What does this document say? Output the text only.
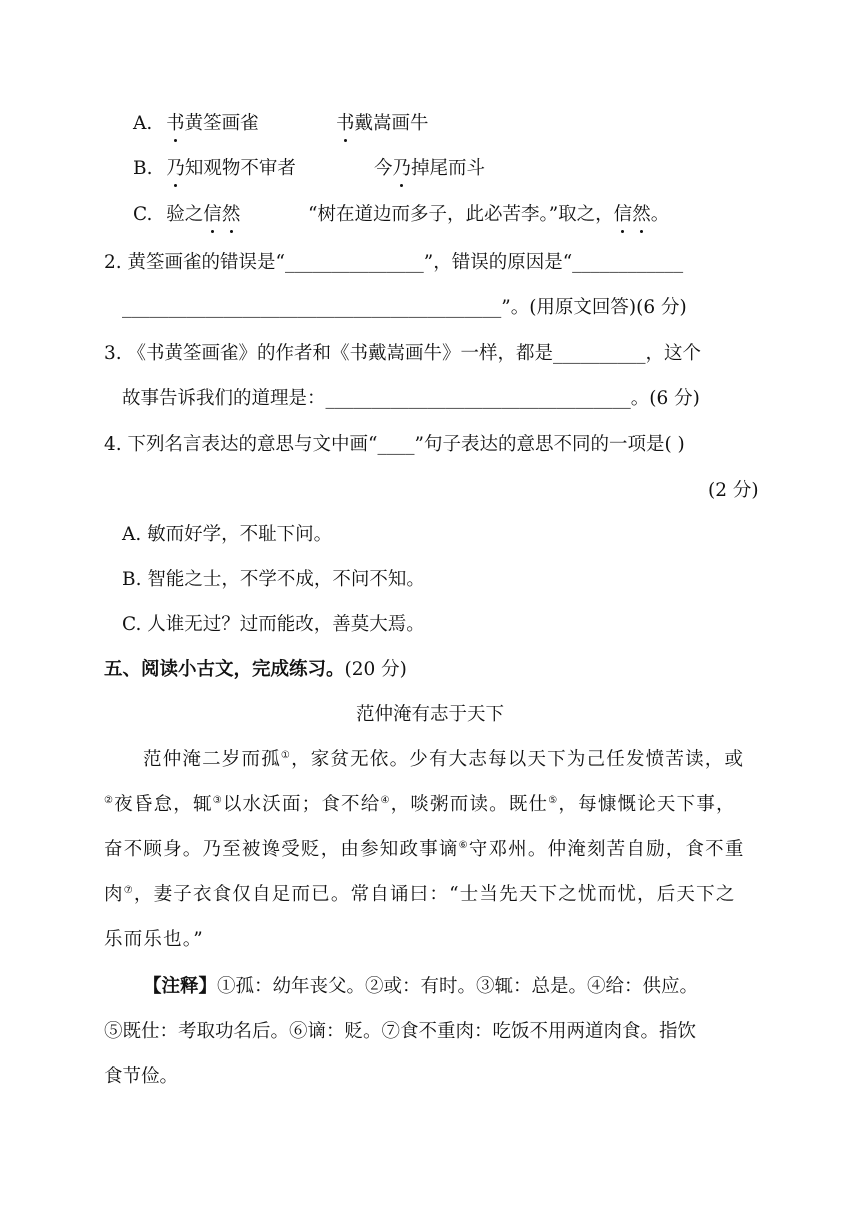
A. 书黄筌画雀	书戴嵩画牛
B. 乃知观物不审者	今乃掉尾而斗
C. 验之信然	“树在道边而多子，此必苦李。”取之，信然。
2. 黄筌画雀的错误是“_______________”，错误的原因是“____________
_________________________________________”。(用原文回答)(6 分)
3. 《书黄筌画雀》的作者和《书戴嵩画牛》一样，都是__________，这个
故事告诉我们的道理是：_________________________________。(6 分)
4. 下列名言表达的意思与文中画“____”句子表达的意思不同的一项是( )
(2 分)
A. 敏而好学，不耻下问。
B. 智能之士，不学不成，不问不知。
C. 人谁无过？过而能改，善莫大焉。
五、阅读小古文，完成练习。(20 分)
范仲淹有志于天下
范仲淹二岁而孤①，家贫无依。少有大志每以天下为己任发愤苦读，或
②夜昏怠，辄③以水沃面；食不给④，啖粥而读。既仕⑤，每慷慨论天下事，
奋不顾身。乃至被谗受贬，由参知政事谪⑥守邓州。仲淹刻苦自励，食不重
肉⑦，妻子衣食仅自足而已。常自诵曰：“士当先天下之忧而忧，后天下之
乐而乐也。”
【注释】①孤：幼年丧父。②或：有时。③辄：总是。④给：供应。
⑤既仕：考取功名后。⑥谪：贬。⑦食不重肉：吃饭不用两道肉食。指饮
食节俭。
